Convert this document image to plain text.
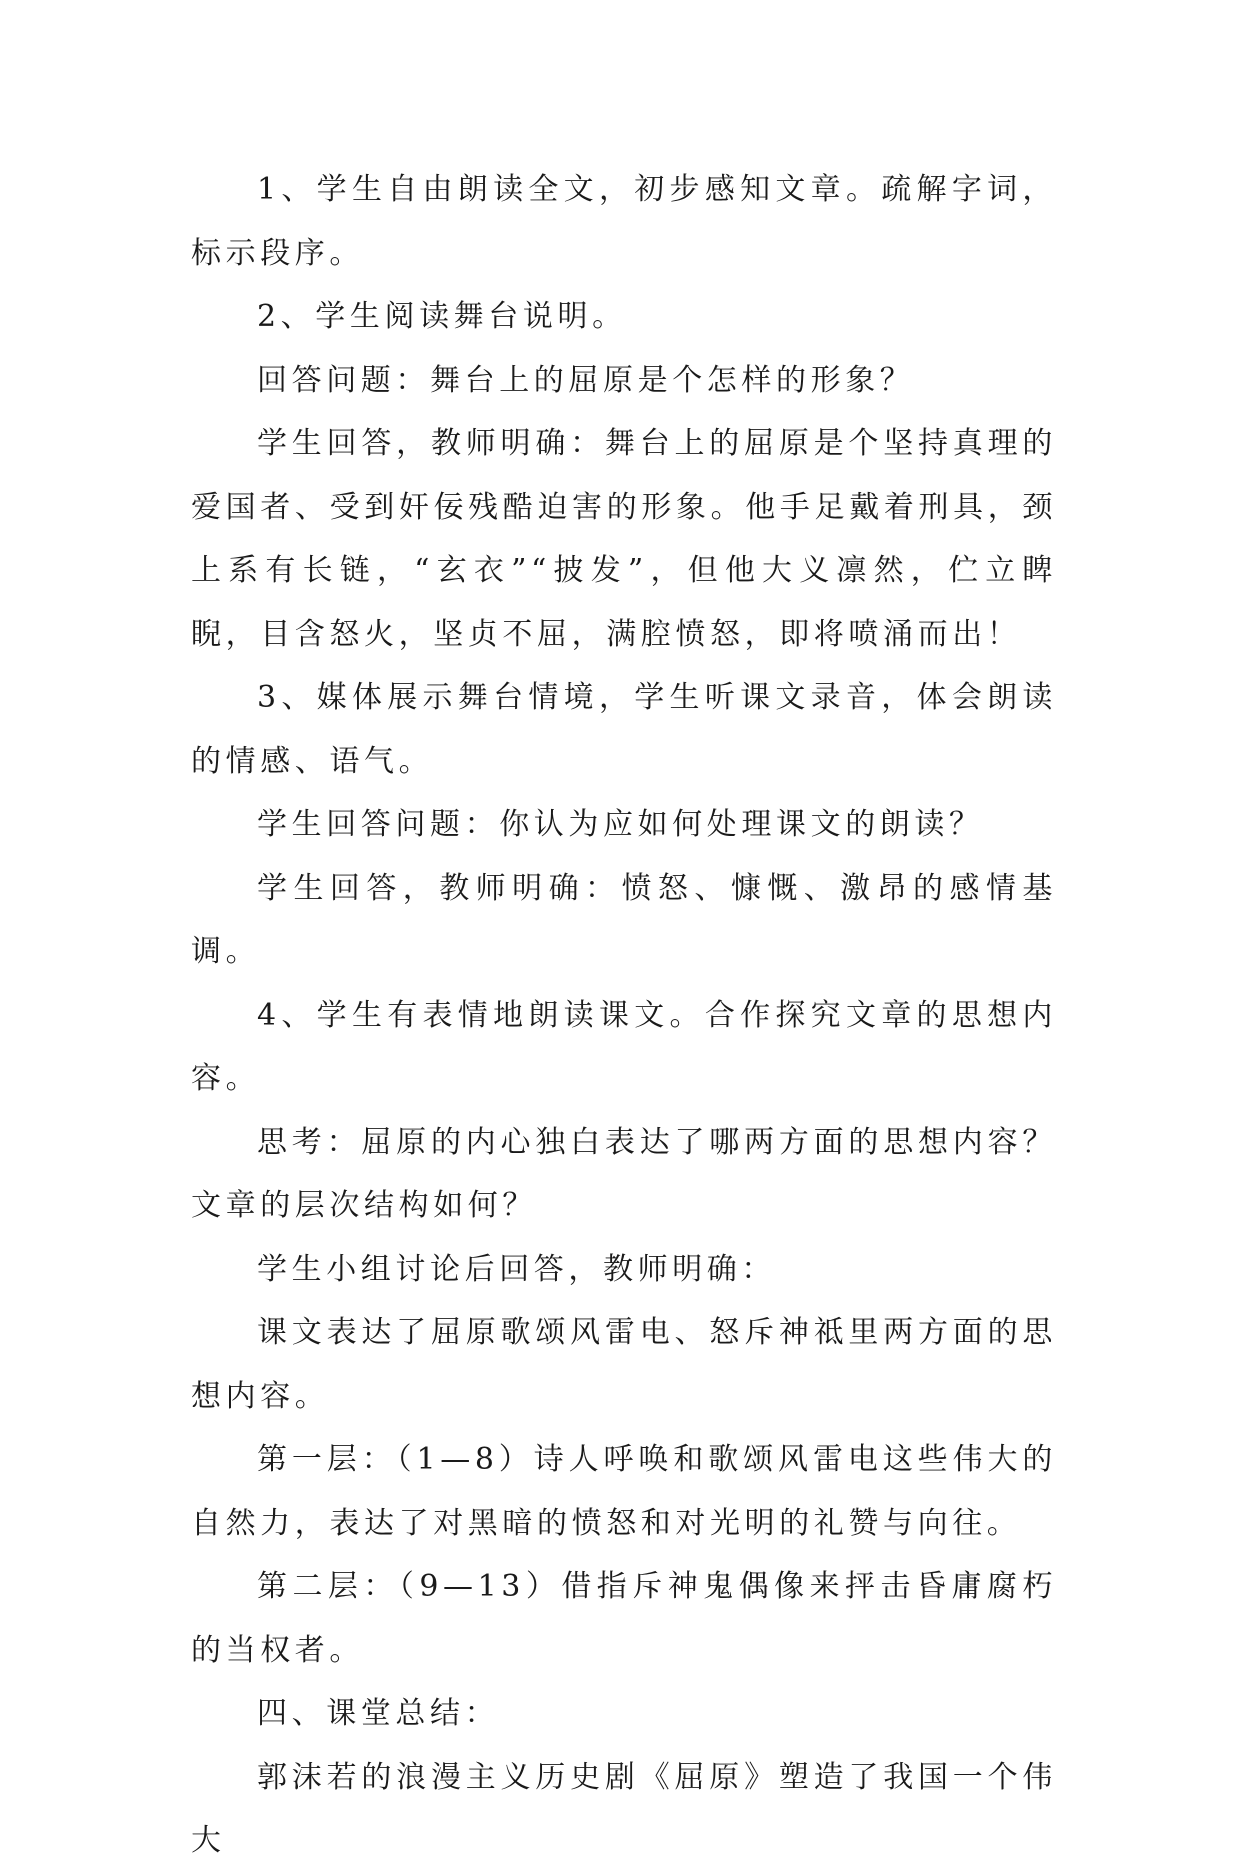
1、学生自由朗读全文，初步感知文章。疏解字词，标示段序。

2、学生阅读舞台说明。

回答问题：舞台上的屈原是个怎样的形象？

学生回答，教师明确：舞台上的屈原是个坚持真理的爱国者、受到奸佞残酷迫害的形象。他手足戴着刑具，颈上系有长链，“玄衣”“披发”，但他大义凛然，伫立睥睨，目含怒火，坚贞不屈，满腔愤怒，即将喷涌而出！

3、媒体展示舞台情境，学生听课文录音，体会朗读的情感、语气。

学生回答问题：你认为应如何处理课文的朗读？

学生回答，教师明确：愤怒、慷慨、激昂的感情基调。

4、学生有表情地朗读课文。合作探究文章的思想内容。

思考：屈原的内心独白表达了哪两方面的思想内容？文章的层次结构如何？

学生小组讨论后回答，教师明确：

课文表达了屈原歌颂风雷电、怒斥神祗里两方面的思想内容。

第一层：（1—8）诗人呼唤和歌颂风雷电这些伟大的自然力，表达了对黑暗的愤怒和对光明的礼赞与向往。

第二层：（9—13）借指斥神鬼偶像来抨击昏庸腐朽的当权者。

四、课堂总结：

郭沫若的浪漫主义历史剧《屈原》塑造了我国一个伟大
